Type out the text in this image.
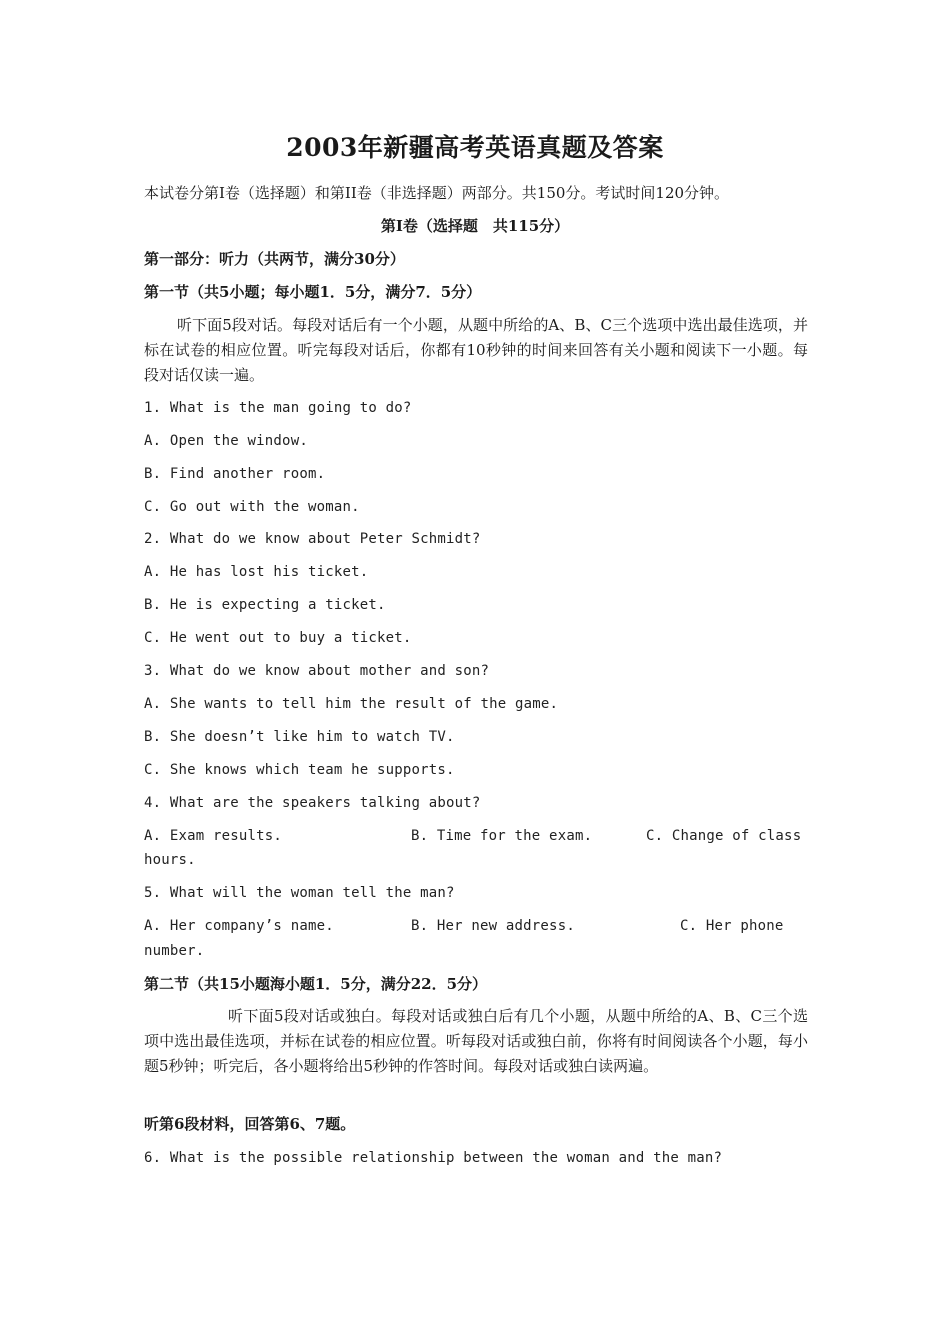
2003年新疆高考英语真题及答案
本试卷分第Ⅰ卷（选择题）和第II卷（非选择题）两部分。共150分。考试时间120分钟。
第Ⅰ卷（选择题　共115分）
第一部分：听力（共两节，满分30分）
第一节（共5小题；每小题1．5分，满分7．5分）
听下面5段对话。每段对话后有一个小题，从题中所给的A、B、C三个选项中选出最佳选项，并标在试卷的相应位置。听完每段对话后，你都有10秒钟的时间来回答有关小题和阅读下一小题。每段对话仅读一遍。
1. What is the man going to do?
A. Open the window.
B. Find another room.
C. Go out with the woman.
2. What do we know about Peter Schmidt?
A. He has lost his ticket.
B. He is expecting a ticket.
C. He went out to buy a ticket.
3. What do we know about mother and son?
A. She wants to tell him the result of the game.
B. She doesn’t like him to watch TV.
C. She knows which team he supports.
4. What are the speakers talking about?
A. Exam results.	B. Time for the exam.	C. Change of class
hours.
5. What will the woman tell the man?
A. Her company’s name.	B. Her new address.	C. Her phone
number.
第二节（共15小题海小题1．5分，满分22．5分）
听下面5段对话或独白。每段对话或独白后有几个小题，从题中所给的A、B、C三个选项中选出最佳选项，并标在试卷的相应位置。听每段对话或独白前，你将有时间阅读各个小题，每小题5秒钟；听完后，各小题将给出5秒钟的作答时间。每段对话或独白读两遍。
听第6段材料，回答第6、7题。
6. What is the possible relationship between the woman and the man?
